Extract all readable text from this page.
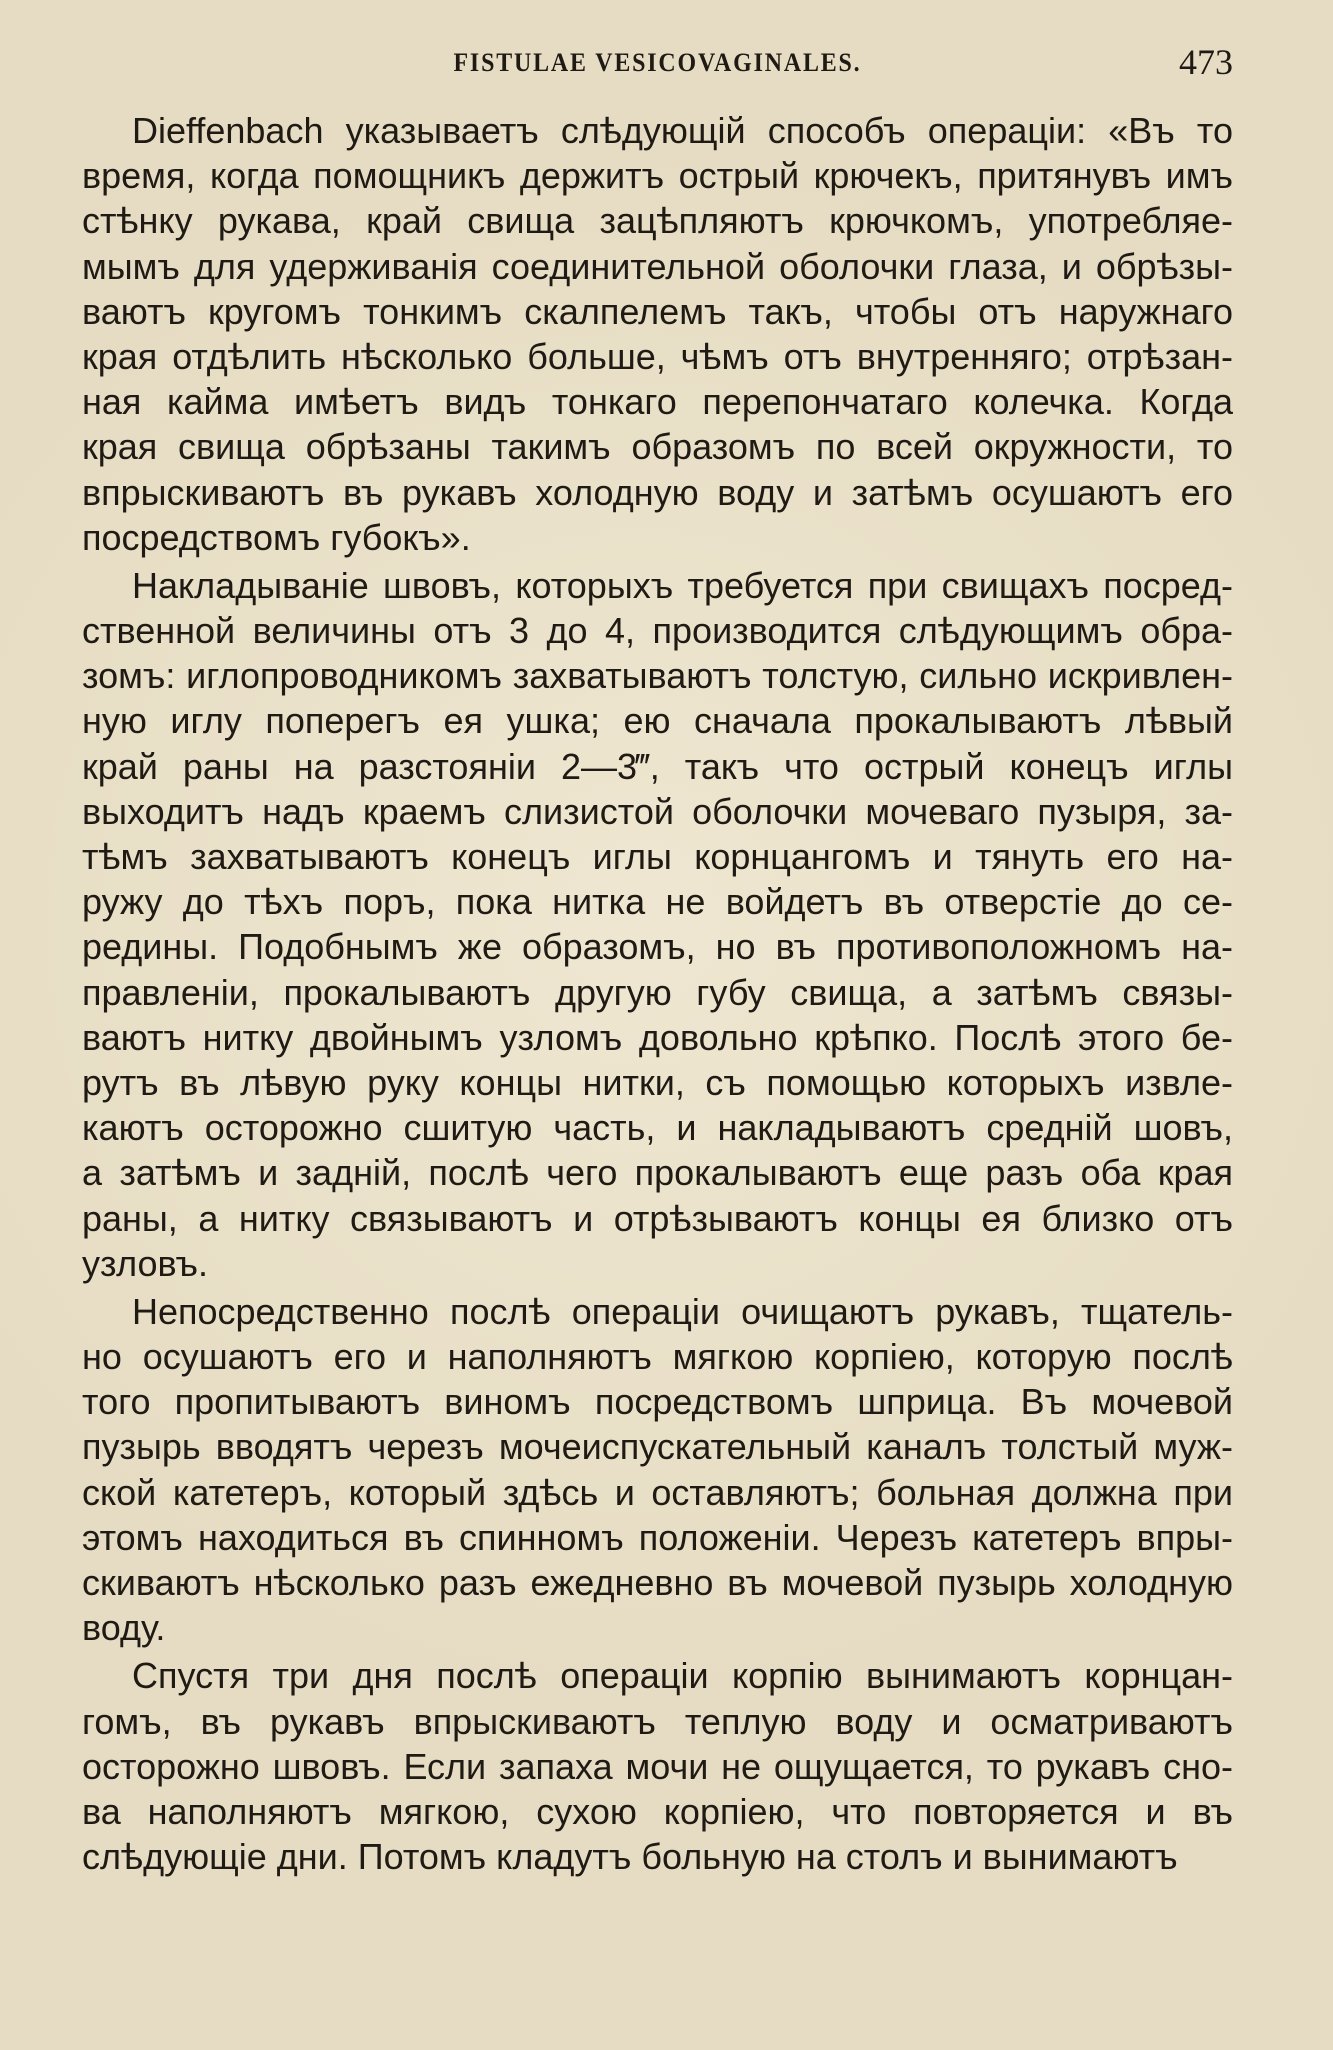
FISTULAE VESICOVAGINALES.	473
Dieffenbach указываетъ слѣдующій способъ операціи: «Въ то
время, когда помощникъ держитъ острый крючекъ, притянувъ имъ
стѣнку рукава, край свища зацѣпляютъ крючкомъ, употребляе-
мымъ для удерживанія соединительной оболочки глаза, и обрѣзы-
ваютъ кругомъ тонкимъ скалпелемъ такъ, чтобы отъ наружнаго
края отдѣлить нѣсколько больше, чѣмъ отъ внутренняго; отрѣзан-
ная кайма имѣетъ видъ тонкаго перепончатаго колечка. Когда
края свища обрѣзаны такимъ образомъ по всей окружности, то
впрыскиваютъ въ рукавъ холодную воду и затѣмъ осушаютъ его
посредствомъ губокъ».
Накладываніе швовъ, которыхъ требуется при свищахъ посред-
ственной величины отъ 3 до 4, производится слѣдующимъ обра-
зомъ: иглопроводникомъ захватываютъ толстую, сильно искривлен-
ную иглу поперегъ ея ушка; ею сначала прокалываютъ лѣвый
край раны на разстояніи 2—3‴, такъ что острый конецъ иглы
выходитъ надъ краемъ слизистой оболочки мочеваго пузыря, за-
тѣмъ захватываютъ конецъ иглы корнцангомъ и тянуть его на-
ружу до тѣхъ поръ, пока нитка не войдетъ въ отверстіе до се-
редины. Подобнымъ же образомъ, но въ противоположномъ на-
правленіи, прокалываютъ другую губу свища, а затѣмъ связы-
ваютъ нитку двойнымъ узломъ довольно крѣпко. Послѣ этого бе-
рутъ въ лѣвую руку концы нитки, съ помощью которыхъ извле-
каютъ осторожно сшитую часть, и накладываютъ средній шовъ,
а затѣмъ и задній, послѣ чего прокалываютъ еще разъ оба края
раны, а нитку связываютъ и отрѣзываютъ концы ея близко отъ
узловъ.
Непосредственно послѣ операціи очищаютъ рукавъ, тщатель-
но осушаютъ его и наполняютъ мягкою корпіею, которую послѣ
того пропитываютъ виномъ посредствомъ шприца. Въ мочевой
пузырь вводятъ черезъ мочеиспускательный каналъ толстый муж-
ской катетеръ, который здѣсь и оставляютъ; больная должна при
этомъ находиться въ спинномъ положеніи. Черезъ катетеръ впры-
скиваютъ нѣсколько разъ ежедневно въ мочевой пузырь холодную
воду.
Спустя три дня послѣ операціи корпію вынимаютъ корнцан-
гомъ, въ рукавъ впрыскиваютъ теплую воду и осматриваютъ
осторожно швовъ. Если запаха мочи не ощущается, то рукавъ сно-
ва наполняютъ мягкою, сухою корпіею, что повторяется и въ
слѣдующіе дни. Потомъ кладутъ больную на столъ и вынимаютъ
